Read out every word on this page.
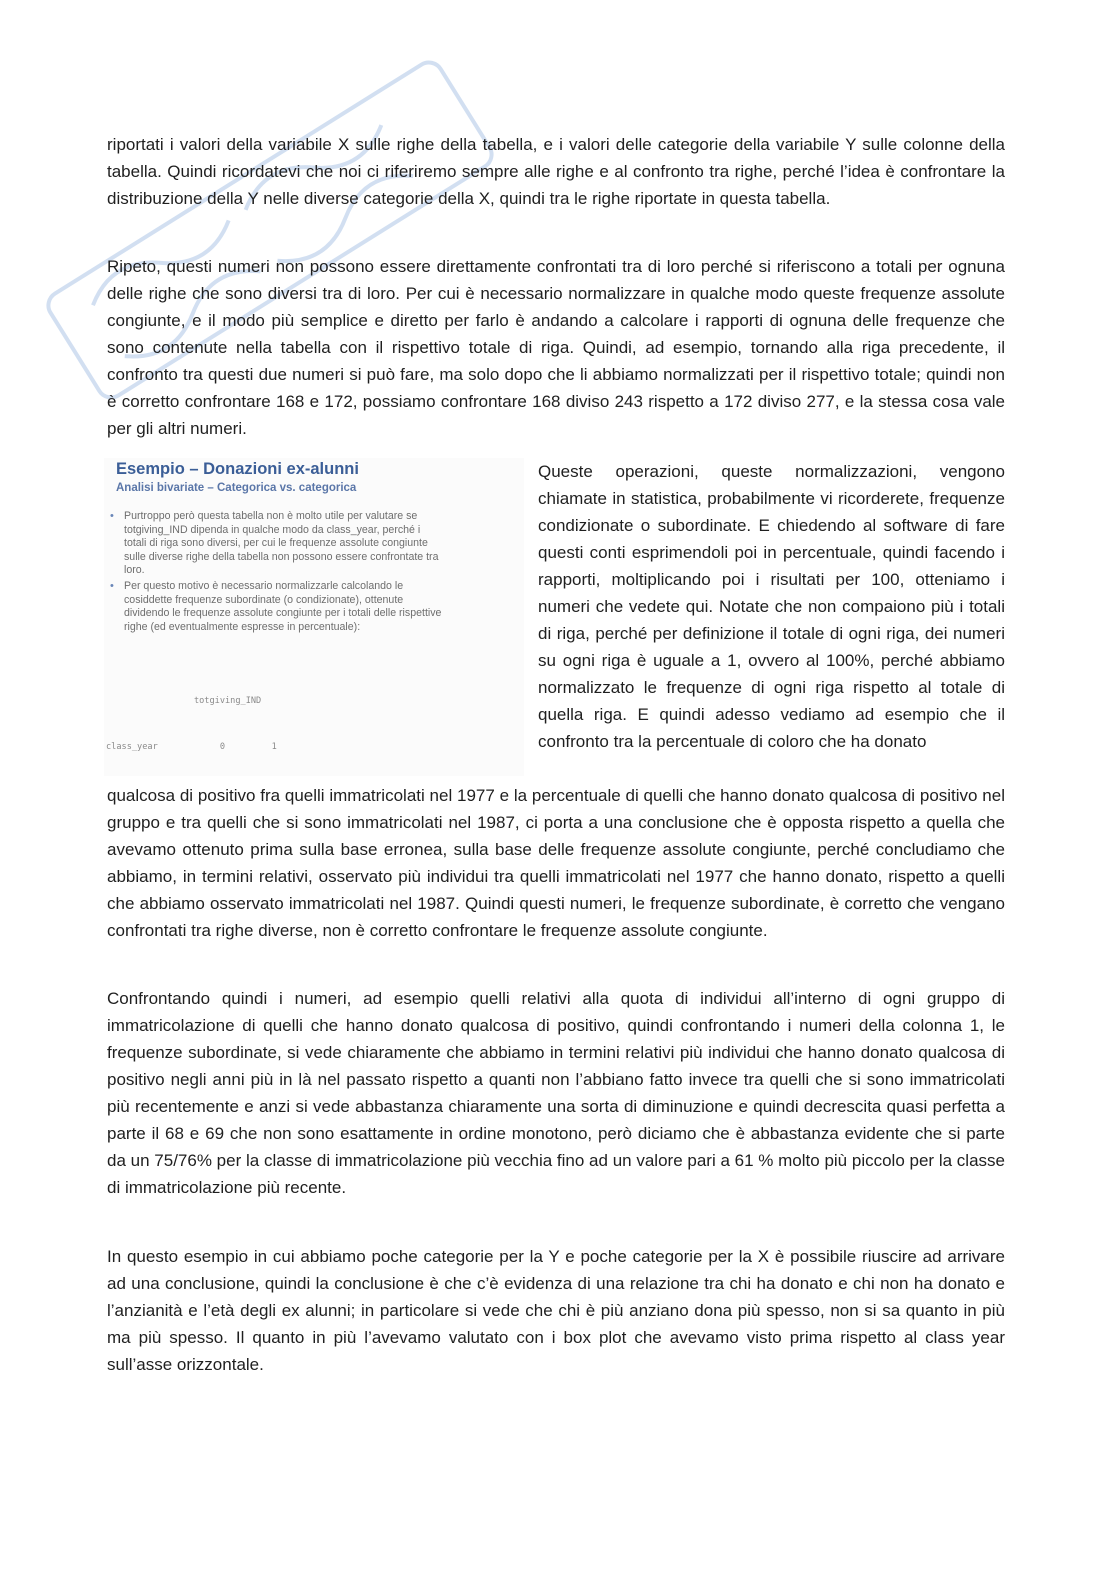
riportati i valori della variabile X sulle righe della tabella, e i valori delle categorie della variabile Y sulle colonne della tabella. Quindi ricordatevi che noi ci riferiremo sempre alle righe e al confronto tra righe, perché l’idea è confrontare la distribuzione della Y nelle diverse categorie della X, quindi tra le righe riportate in questa tabella.

Ripeto, questi numeri non possono essere direttamente confrontati tra di loro perché si riferiscono a totali per ognuna delle righe che sono diversi tra di loro. Per cui è necessario normalizzare in qualche modo queste frequenze assolute congiunte, e il modo più semplice e diretto per farlo è andando a calcolare i rapporti di ognuna delle frequenze che sono contenute nella tabella con il rispettivo totale di riga. Quindi, ad esempio, tornando alla riga precedente, il confronto tra questi due numeri si può fare, ma solo dopo che li abbiamo normalizzati per il rispettivo totale; quindi non è corretto confrontare 168 e 172, possiamo confrontare 168 diviso 243 rispetto a 172 diviso 277, e la stessa cosa vale per gli altri numeri.

Esempio – Donazioni ex-alunni

Analisi bivariate – Categorica vs. categorica

• Purtroppo però questa tabella non è molto utile per valutare se
totgiving_IND dipenda in qualche modo da class_year, perché i
totali di riga sono diversi, per cui le frequenze assolute congiunte
sulle diverse righe della tabella non possono essere confrontate tra
loro.
• Per questo motivo è necessario normalizzarle calcolando le
cosiddette frequenze subordinate (o condizionate), ottenute
dividendo le frequenze assolute congiunte per i totali delle rispettive
righe (ed eventualmente espresse in percentuale):

totgiving_IND

class_year            0         1

Queste operazioni, queste normalizzazioni, vengono chiamate in statistica, probabilmente vi ricorderete, frequenze condizionate o subordinate. E chiedendo al software di fare questi conti esprimendoli poi in percentuale, quindi facendo i rapporti, moltiplicando poi i risultati per 100, otteniamo i numeri che vedete qui. Notate che non compaiono più i totali di riga, perché per definizione il totale di ogni riga, dei numeri su ogni riga è uguale a 1, ovvero al 100%, perché abbiamo normalizzato le frequenze di ogni riga rispetto al totale di quella riga. E quindi adesso vediamo ad esempio che il confronto tra la percentuale di coloro che ha donato

qualcosa di positivo fra quelli immatricolati nel 1977 e la percentuale di quelli che hanno donato qualcosa di positivo nel gruppo e tra quelli che si sono immatricolati nel 1987, ci porta a una conclusione che è opposta rispetto a quella che avevamo ottenuto prima sulla base erronea, sulla base delle frequenze assolute congiunte, perché concludiamo che abbiamo, in termini relativi, osservato più individui tra quelli immatricolati nel 1977 che hanno donato, rispetto a quelli che abbiamo osservato immatricolati nel 1987. Quindi questi numeri, le frequenze subordinate, è corretto che vengano confrontati tra righe diverse, non è corretto confrontare le frequenze assolute congiunte.

Confrontando quindi i numeri, ad esempio quelli relativi alla quota di individui all’interno di ogni gruppo di immatricolazione di quelli che hanno donato qualcosa di positivo, quindi confrontando i numeri della colonna 1, le frequenze subordinate, si vede chiaramente che abbiamo in termini relativi più individui che hanno donato qualcosa di positivo negli anni più in là nel passato rispetto a quanti non l’abbiano fatto invece tra quelli che si sono immatricolati più recentemente e anzi si vede abbastanza chiaramente una sorta di diminuzione e quindi decrescita quasi perfetta a parte il 68 e 69 che non sono esattamente in ordine monotono, però diciamo che è abbastanza evidente che si parte da un 75/76% per la classe di immatricolazione più vecchia fino ad un valore pari a 61 % molto più piccolo per la classe di immatricolazione più recente.

In questo esempio in cui abbiamo poche categorie per la Y e poche categorie per la X è possibile riuscire ad arrivare ad una conclusione, quindi la conclusione è che c’è evidenza di una relazione tra chi ha donato e chi non ha donato e l’anzianità e l’età degli ex alunni; in particolare si vede che chi è più anziano dona più spesso, non si sa quanto in più ma più spesso. Il quanto in più l’avevamo valutato con i box plot che avevamo visto prima rispetto al class year sull’asse orizzontale.
